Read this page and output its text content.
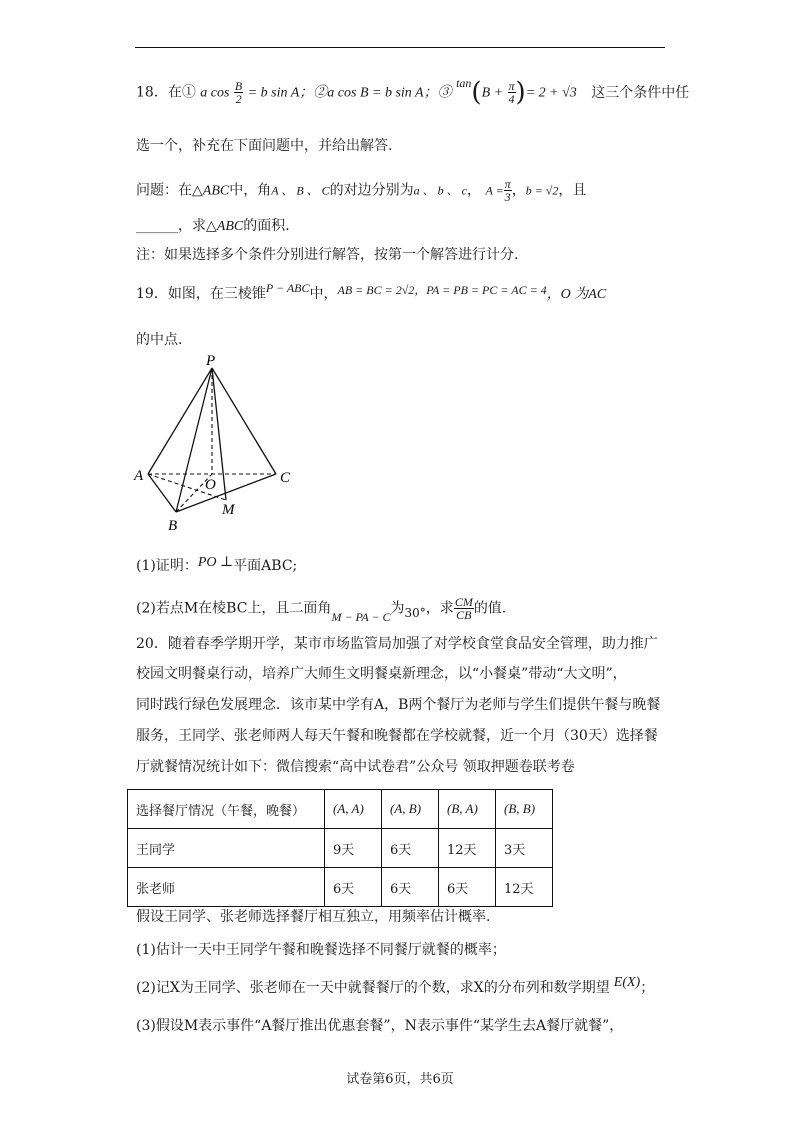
18．在① a $\cos \frac{B}{2} = b$ sin A；②a cos B = b sin A；③ $\tan(B + \frac{\pi}{4}$ )= 2 + √3 这三个条件中任
选一个，补充在下面问题中，并给出解答.
问题：在△ABC中，角A 、 B 、 C的对边分别为a 、 b 、 c， $A = \frac{\pi}{3}$ ，b = √2，且
______，求△ABC的面积.
注：如果选择多个条件分别进行解答，按第一个解答进行计分.
19．如图，在三棱锥P − ABC中，AB = BC = 2√2，PA = PB = PC = AC = 4，O 为AC
的中点.
P
A	C
B
O
M
(1)证明：PO ⊥平面ABC;
(2)若点M在棱BC上，且二面角M − PA − C为30°，求 $\frac{CM}{CB}$ 的值.
20．随着春季学期开学，某市市场监管局加强了对学校食堂食品安全管理，助力推广
校园文明餐桌行动，培养广大师生文明餐桌新理念，以“小餐桌”带动“大文明”，
同时践行绿色发展理念．该市某中学有A，B两个餐厅为老师与学生们提供午餐与晚餐
服务，王同学、张老师两人每天午餐和晚餐都在学校就餐，近一个月（30天）选择餐
厅就餐情况统计如下：微信搜索“高中试卷君”公众号 领取押题卷联考卷
选择餐厅情况（午餐，晚餐）	(A, A)	(A, B)	(B, A)	(B, B)
王同学	9天	6天	12天	3天
张老师	6天	6天	6天	12天
假设王同学、张老师选择餐厅相互独立，用频率估计概率.
(1)估计一天中王同学午餐和晚餐选择不同餐厅就餐的概率；
(2)记X为王同学、张老师在一天中就餐餐厅的个数，求X的分布列和数学期望 E(X)；
(3)假设M表示事件“A餐厅推出优惠套餐”，N表示事件“某学生去A餐厅就餐”，
试卷第6页，共6页
